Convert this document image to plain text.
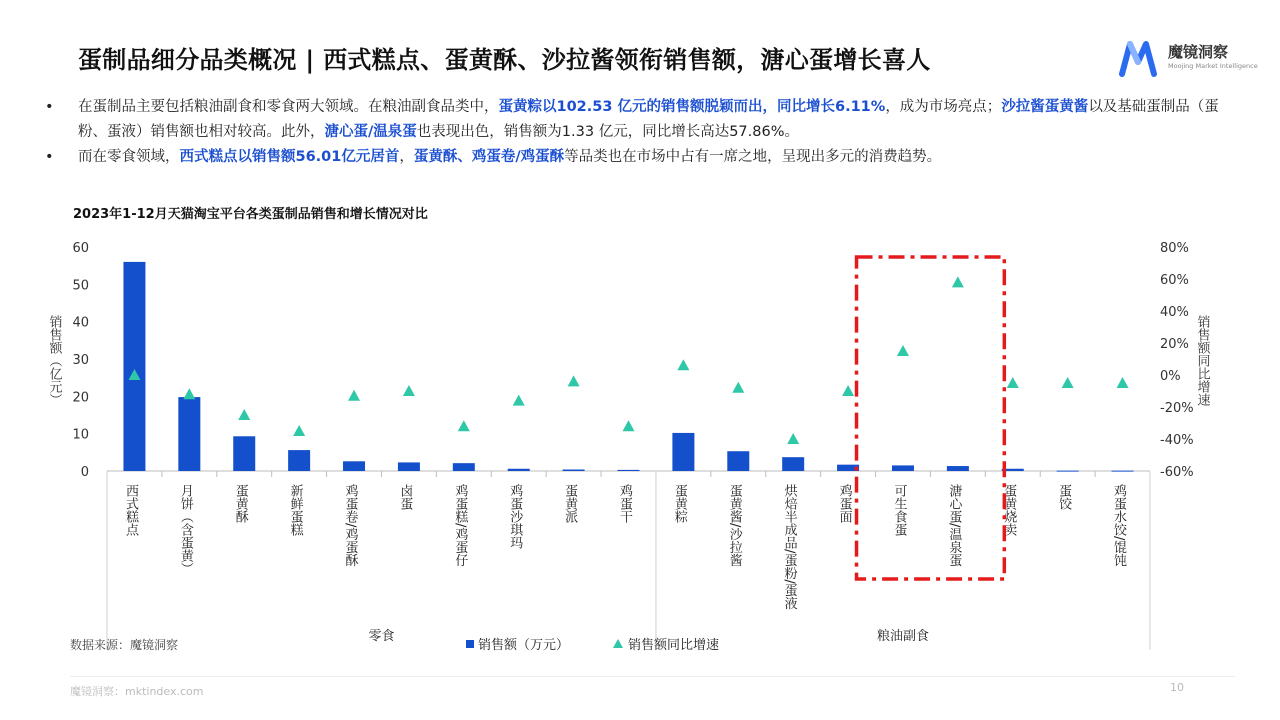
蛋制品细分品类概况 | 西式糕点、蛋黄酥、沙拉酱领衔销售额，溏心蛋增长喜人	魔镜洞察
Moojing Market Intelligence
• 在蛋制品主要包括粮油副食和零食两大领域。在粮油副食品类中，蛋黄粽以102.53 亿元的销售额脱颖而出，同比增长6.11%，成为市场亮点；沙拉酱蛋黄酱以及基础蛋制品（蛋粉、蛋液）销售额也相对较高。此外，溏心蛋/温泉蛋也表现出色，销售额为1.33 亿元，同比增长高达57.86%。
• 而在零食领域，西式糕点以销售额56.01亿元居首，蛋黄酥、鸡蛋卷/鸡蛋酥等品类也在市场中占有一席之地，呈现出多元的消费趋势。
2023年1-12月天猫淘宝平台各类蛋制品销售和增长情况对比
0
10
20
30
40
50
60
-60%
-40%
-20%
0%
20%
40%
60%
80%
销售额（亿元）	销售额同比增速
零食	粮油副食
西式糕点	月饼（含蛋黄）	蛋黄酥	新鲜蛋糕	鸡蛋卷/鸡蛋酥	卤蛋	鸡蛋糕/鸡蛋仔	鸡蛋沙琪玛	蛋黄派	鸡蛋干	蛋黄粽	蛋黄酱/沙拉酱	烘焙半成品/蛋粉/蛋液	鸡蛋面	可生食蛋	溏心蛋/温泉蛋	蛋黄烧卖	蛋饺	鸡蛋水饺/馄饨
销售额（万元）	销售额同比增速
数据来源：魔镜洞察
魔镜洞察：mktindex.com	10
